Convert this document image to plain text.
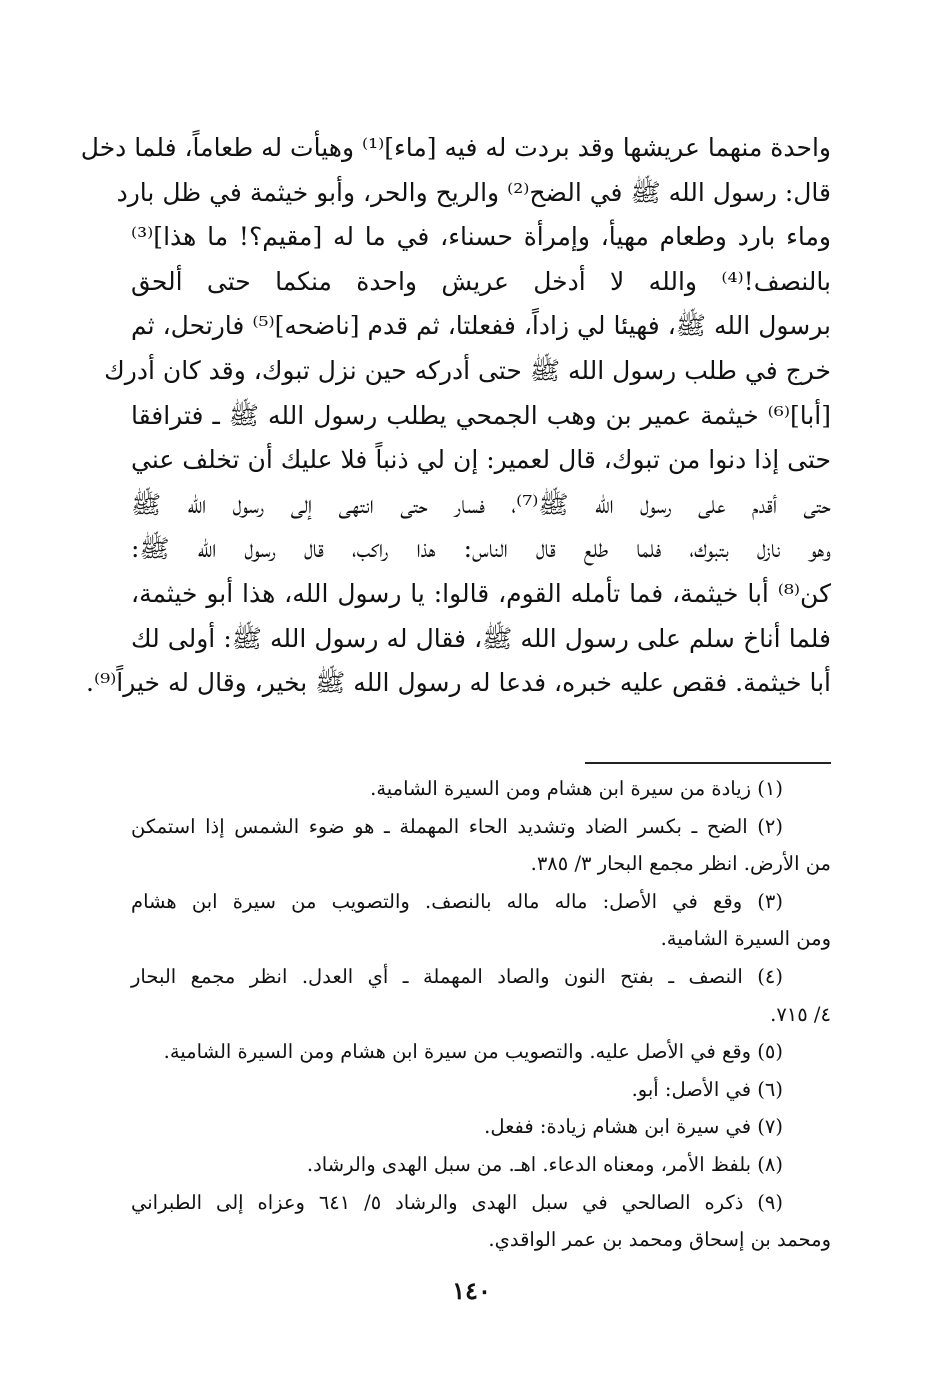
واحدة منهما عريشها وقد بردت له فيه [ماء]⁽¹⁾ وهيأت له طعاماً، فلما دخل
قال: رسول الله ﷺ في الضح⁽²⁾ والريح والحر، وأبو خيثمة في ظل بارد
وماء بارد وطعام مهيأ، وإمرأة حسناء، في ما له [مقيم؟! ما هذا]⁽³⁾
بالنصف!⁽⁴⁾ والله لا أدخل عريش واحدة منكما حتى ألحق
برسول الله ﷺ، فهيئا لي زاداً، ففعلتا، ثم قدم [ناضحه]⁽⁵⁾ فارتحل، ثم
خرج في طلب رسول الله ﷺ حتى أدركه حين نزل تبوك، وقد كان أدرك
[أبا]⁽⁶⁾ خيثمة عمير بن وهب الجمحي يطلب رسول الله ﷺ ـ فترافقا
حتى إذا دنوا من تبوك، قال لعمير: إن لي ذنباً فلا عليك أن تخلف عني
حتى أقدم على رسول الله ﷺ⁽⁷⁾، فسار حتى انتهى إلى رسول الله ﷺ
وهو نازل بتبوك، فلما طلع قال الناس: هذا راكب، قال رسول الله ﷺ:
كن⁽⁸⁾ أبا خيثمة، فما تأمله القوم، قالوا: يا رسول الله، هذا أبو خيثمة،
فلما أناخ سلم على رسول الله ﷺ، فقال له رسول الله ﷺ: أولى لك
أبا خيثمة. فقص عليه خبره، فدعا له رسول الله ﷺ بخير، وقال له خيراً⁽⁹⁾.
(١) زيادة من سيرة ابن هشام ومن السيرة الشامية.
(٢) الضح ـ بكسر الضاد وتشديد الحاء المهملة ـ هو ضوء الشمس إذا استمكن
من الأرض. انظر مجمع البحار ٣/ ٣٨٥.
(٣) وقع في الأصل: ماله ماله بالنصف. والتصويب من سيرة ابن هشام
ومن السيرة الشامية.
(٤) النصف ـ بفتح النون والصاد المهملة ـ أي العدل. انظر مجمع البحار
٤/ ٧١٥.
(٥) وقع في الأصل عليه. والتصويب من سيرة ابن هشام ومن السيرة الشامية.
(٦) في الأصل: أبو.
(٧) في سيرة ابن هشام زيادة: ففعل.
(٨) بلفظ الأمر، ومعناه الدعاء. اهـ. من سبل الهدى والرشاد.
(٩) ذكره الصالحي في سبل الهدى والرشاد ٥/ ٦٤١ وعزاه إلى الطبراني
ومحمد بن إسحاق ومحمد بن عمر الواقدي.
١٤٠
